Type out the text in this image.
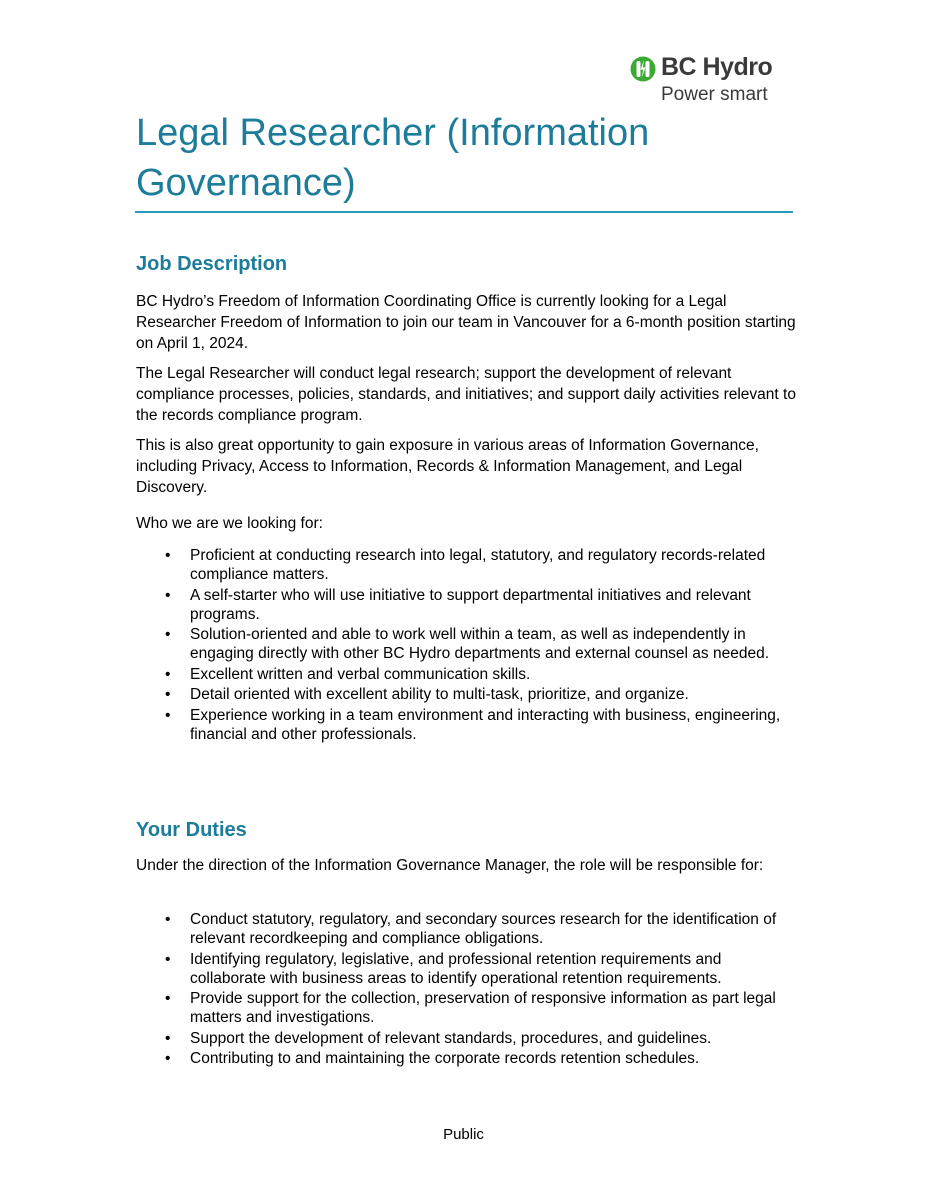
BC Hydro
Power smart
Legal Researcher (Information Governance)
Job Description

BC Hydro’s Freedom of Information Coordinating Office is currently looking for a Legal Researcher Freedom of Information to join our team in Vancouver for a 6-month position starting on April 1, 2024.

The Legal Researcher will conduct legal research; support the development of relevant compliance processes, policies, standards, and initiatives; and support daily activities relevant to the records compliance program.

This is also great opportunity to gain exposure in various areas of Information Governance, including Privacy, Access to Information, Records & Information Management, and Legal Discovery.

Who we are we looking for:

• Proficient at conducting research into legal, statutory, and regulatory records-related compliance matters.
• A self-starter who will use initiative to support departmental initiatives and relevant programs.
• Solution-oriented and able to work well within a team, as well as independently in engaging directly with other BC Hydro departments and external counsel as needed.
• Excellent written and verbal communication skills.
• Detail oriented with excellent ability to multi-task, prioritize, and organize.
• Experience working in a team environment and interacting with business, engineering, financial and other professionals.
Your Duties

Under the direction of the Information Governance Manager, the role will be responsible for:

• Conduct statutory, regulatory, and secondary sources research for the identification of relevant recordkeeping and compliance obligations.
• Identifying regulatory, legislative, and professional retention requirements and collaborate with business areas to identify operational retention requirements.
• Provide support for the collection, preservation of responsive information as part legal matters and investigations.
• Support the development of relevant standards, procedures, and guidelines.
• Contributing to and maintaining the corporate records retention schedules.
Public
